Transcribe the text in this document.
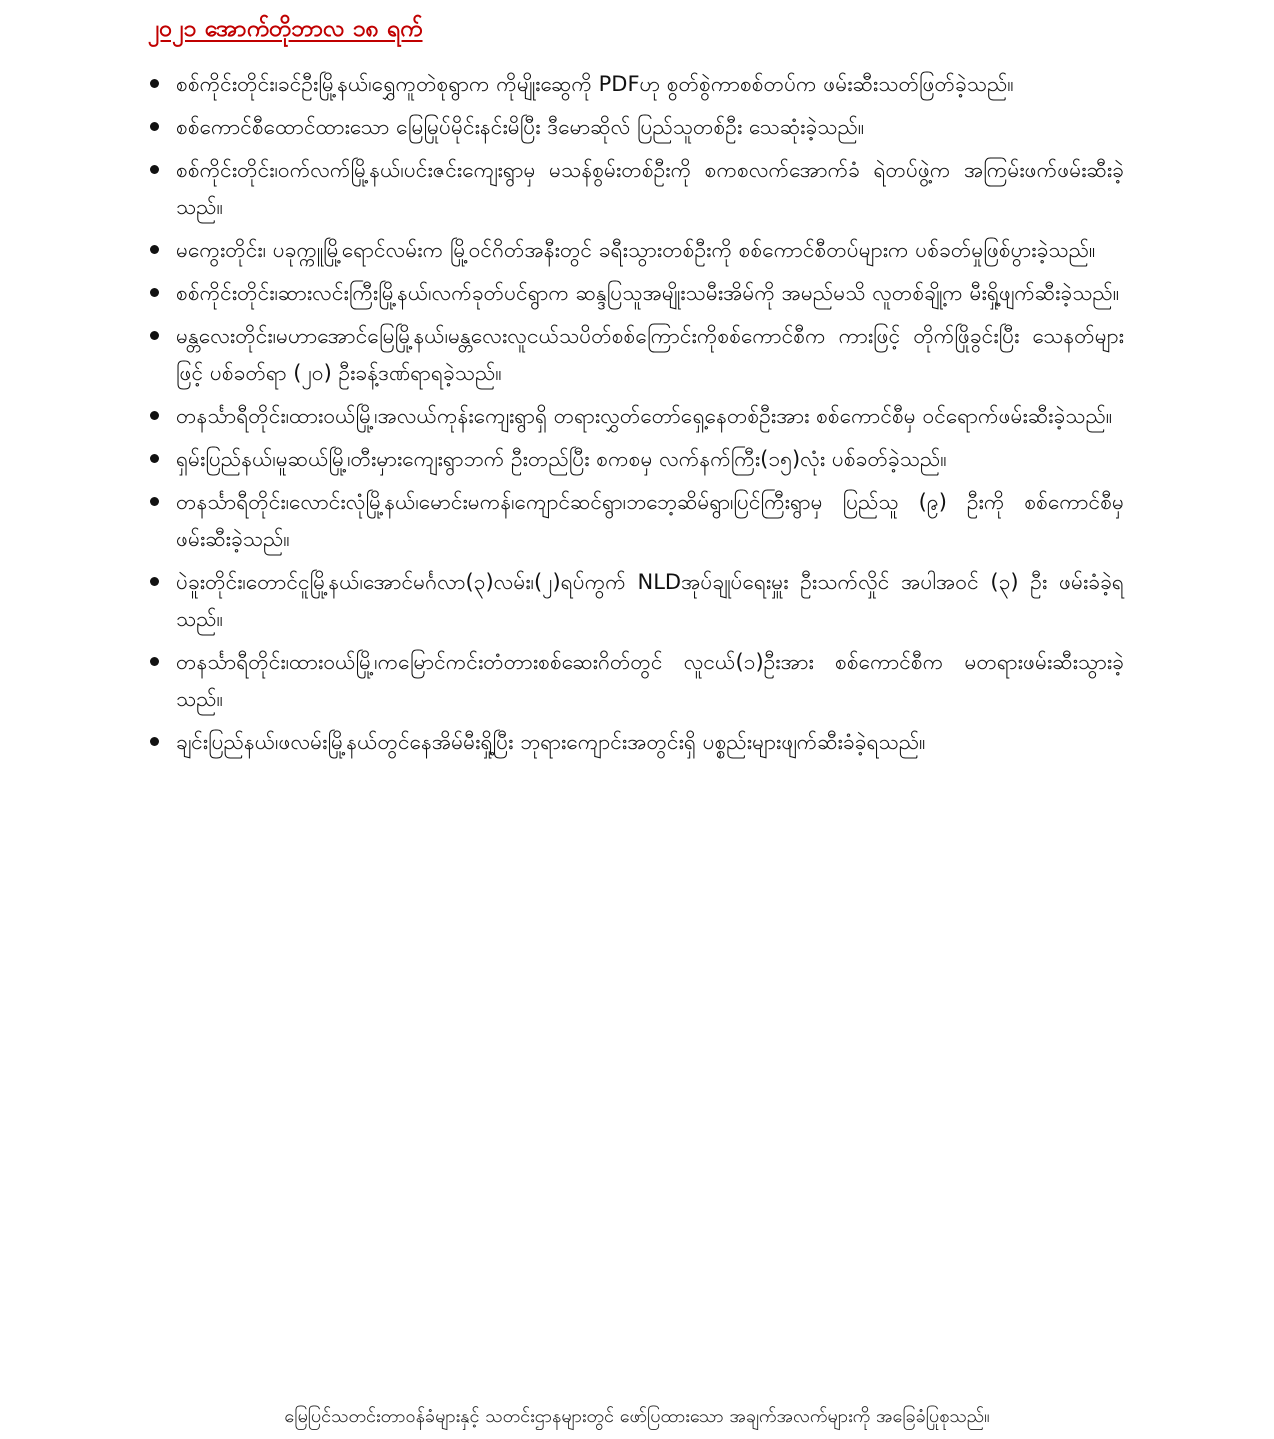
၂၀၂၁ အောက်တိုဘာလ ၁၈ ရက်
စစ်ကိုင်းတိုင်း၊ခင်ဦးမြို့နယ်၊ရွှေကူတဲစုရွာက ကိုမျိုးဆွေကို PDFဟု စွတ်စွဲကာစစ်တပ်က ဖမ်းဆီးသတ်ဖြတ်ခဲ့သည်။
စစ်ကောင်စီထောင်ထားသော မြေမြုပ်မိုင်းနင်းမိပြီး ဒီမောဆိုလ် ပြည်သူတစ်ဦး သေဆုံးခဲ့သည်။
စစ်ကိုင်းတိုင်း၊ဝက်လက်မြို့နယ်၊ပင်းဇင်းကျေးရွာမှ မသန်စွမ်းတစ်ဦးကို စကစလက်အောက်ခံ ရဲတပ်ဖွဲ့က အကြမ်းဖက်ဖမ်းဆီးခဲ့သည်။
မကွေးတိုင်း၊ ပခုက္ကူမြို့ရောင်လမ်းက မြို့ဝင်ဂိတ်အနီးတွင် ခရီးသွားတစ်ဦးကို စစ်ကောင်စီတပ်များက ပစ်ခတ်မှုဖြစ်ပွားခဲ့သည်။
စစ်ကိုင်းတိုင်း၊ဆားလင်းကြီးမြို့နယ်၊လက်ခုတ်ပင်ရွာက ဆန္ဒပြသူအမျိုးသမီးအိမ်ကို အမည်မသိ လူတစ်ချို့က မီးရှို့ဖျက်ဆီးခဲ့သည်။
မန္တလေးတိုင်း၊မဟာအောင်မြေမြို့နယ်၊မန္တလေးလူငယ်သပိတ်စစ်ကြောင်းကိုစစ်ကောင်စီက ကားဖြင့် တိုက်ဖြိုခွင်းပြီး သေနတ်များဖြင့် ပစ်ခတ်ရာ (၂၀) ဦးခန့်ဒဏ်ရာရခဲ့သည်။
တနင်္သာရီတိုင်း၊ထားဝယ်မြို့၊အလယ်ကုန်းကျေးရွာရှိ တရားလွှတ်တော်ရှေ့နေတစ်ဦးအား စစ်ကောင်စီမှ ဝင်ရောက်ဖမ်းဆီးခဲ့သည်။
ရှမ်းပြည်နယ်၊မူဆယ်မြို့၊တီးမှားကျေးရွာဘက် ဦးတည်ပြီး စကစမှ လက်နက်ကြီး(၁၅)လုံး ပစ်ခတ်ခဲ့သည်။
တနင်္သာရီတိုင်း၊လောင်းလုံမြို့နယ်၊မောင်းမကန်၊ကျောင်ဆင်ရွာ၊ဘဘေ့ဆိမ်ရွာ၊ပြင်ကြီးရွာမှ ပြည်သူ (၉) ဦးကို စစ်ကောင်စီမှ ဖမ်းဆီးခဲ့သည်။
ပဲခူးတိုင်း၊တောင်ငူမြို့နယ်၊အောင်မင်္ဂလာ(၃)လမ်း၊(၂)ရပ်ကွက် NLDအုပ်ချုပ်ရေးမှူး ဦးသက်လှိုင် အပါအဝင် (၃) ဦး ဖမ်းခံခဲ့ရသည်။
တနင်္သာရီတိုင်း၊ထားဝယ်မြို့၊ကမြောင်ကင်းတံတားစစ်ဆေးဂိတ်တွင် လူငယ်(၁)ဦးအား စစ်ကောင်စီက မတရားဖမ်းဆီးသွားခဲ့သည်။
ချင်းပြည်နယ်၊ဖလမ်းမြို့နယ်တွင်နေအိမ်မီးရှို့ပြီး ဘုရားကျောင်းအတွင်းရှိ ပစ္စည်းများဖျက်ဆီးခံခဲ့ရသည်။
မြေပြင်သတင်းတာဝန်ခံများနှင့် သတင်းဌာနများတွင် ဖော်ပြထားသော အချက်အလက်များကို အခြေခံပြုစုသည်။
